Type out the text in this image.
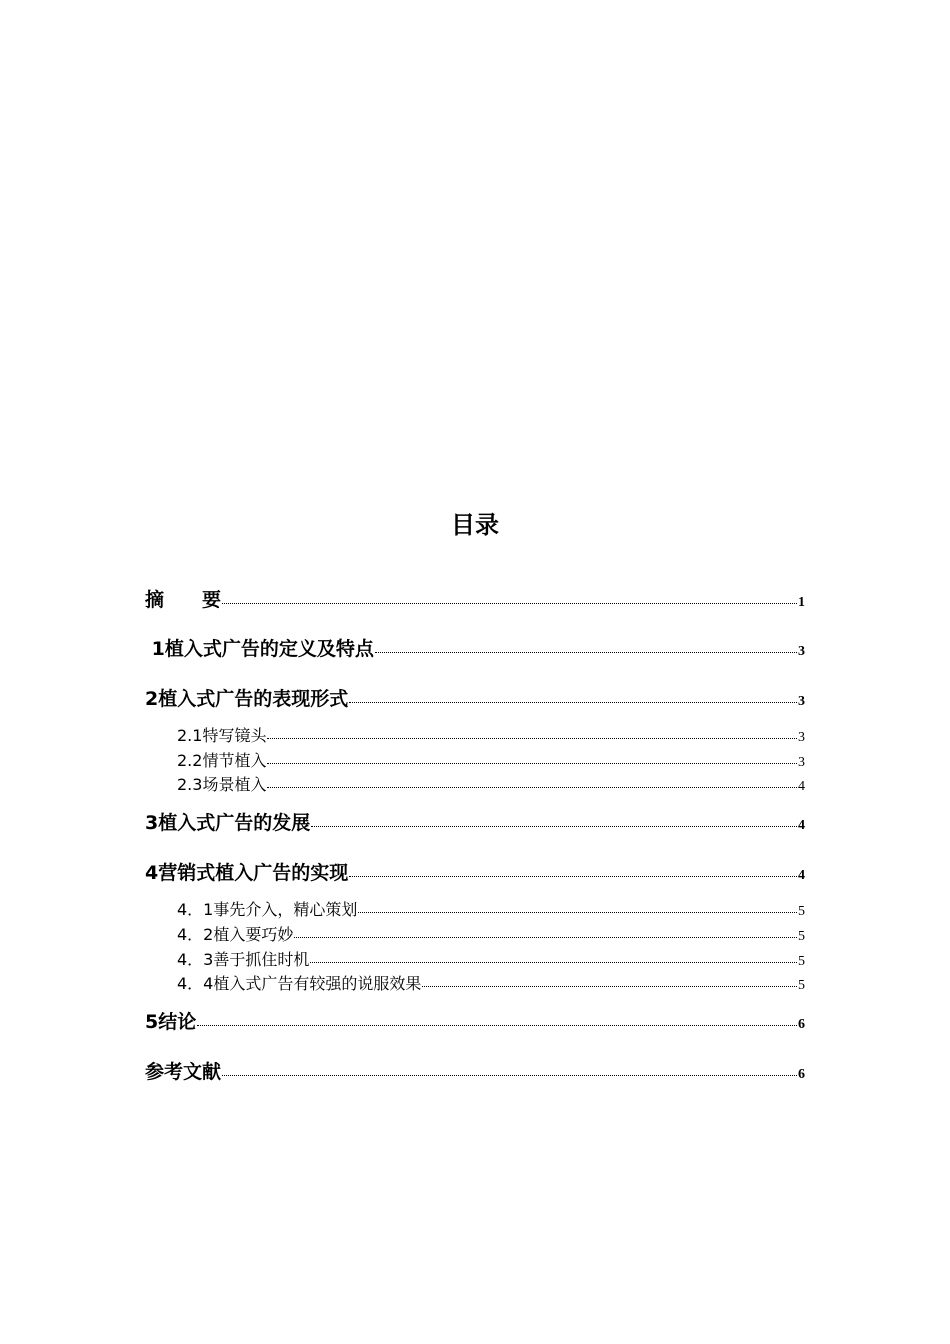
目录
摘　　要	1
1植入式广告的定义及特点	3
2植入式广告的表现形式	3
2.1特写镜头	3
2.2情节植入	3
2.3场景植入	4
3植入式广告的发展	4
4营销式植入广告的实现	4
4．1事先介入，精心策划	5
4．2植入要巧妙	5
4．3善于抓住时机	5
4．4植入式广告有较强的说服效果	5
5结论	6
参考文献	6
